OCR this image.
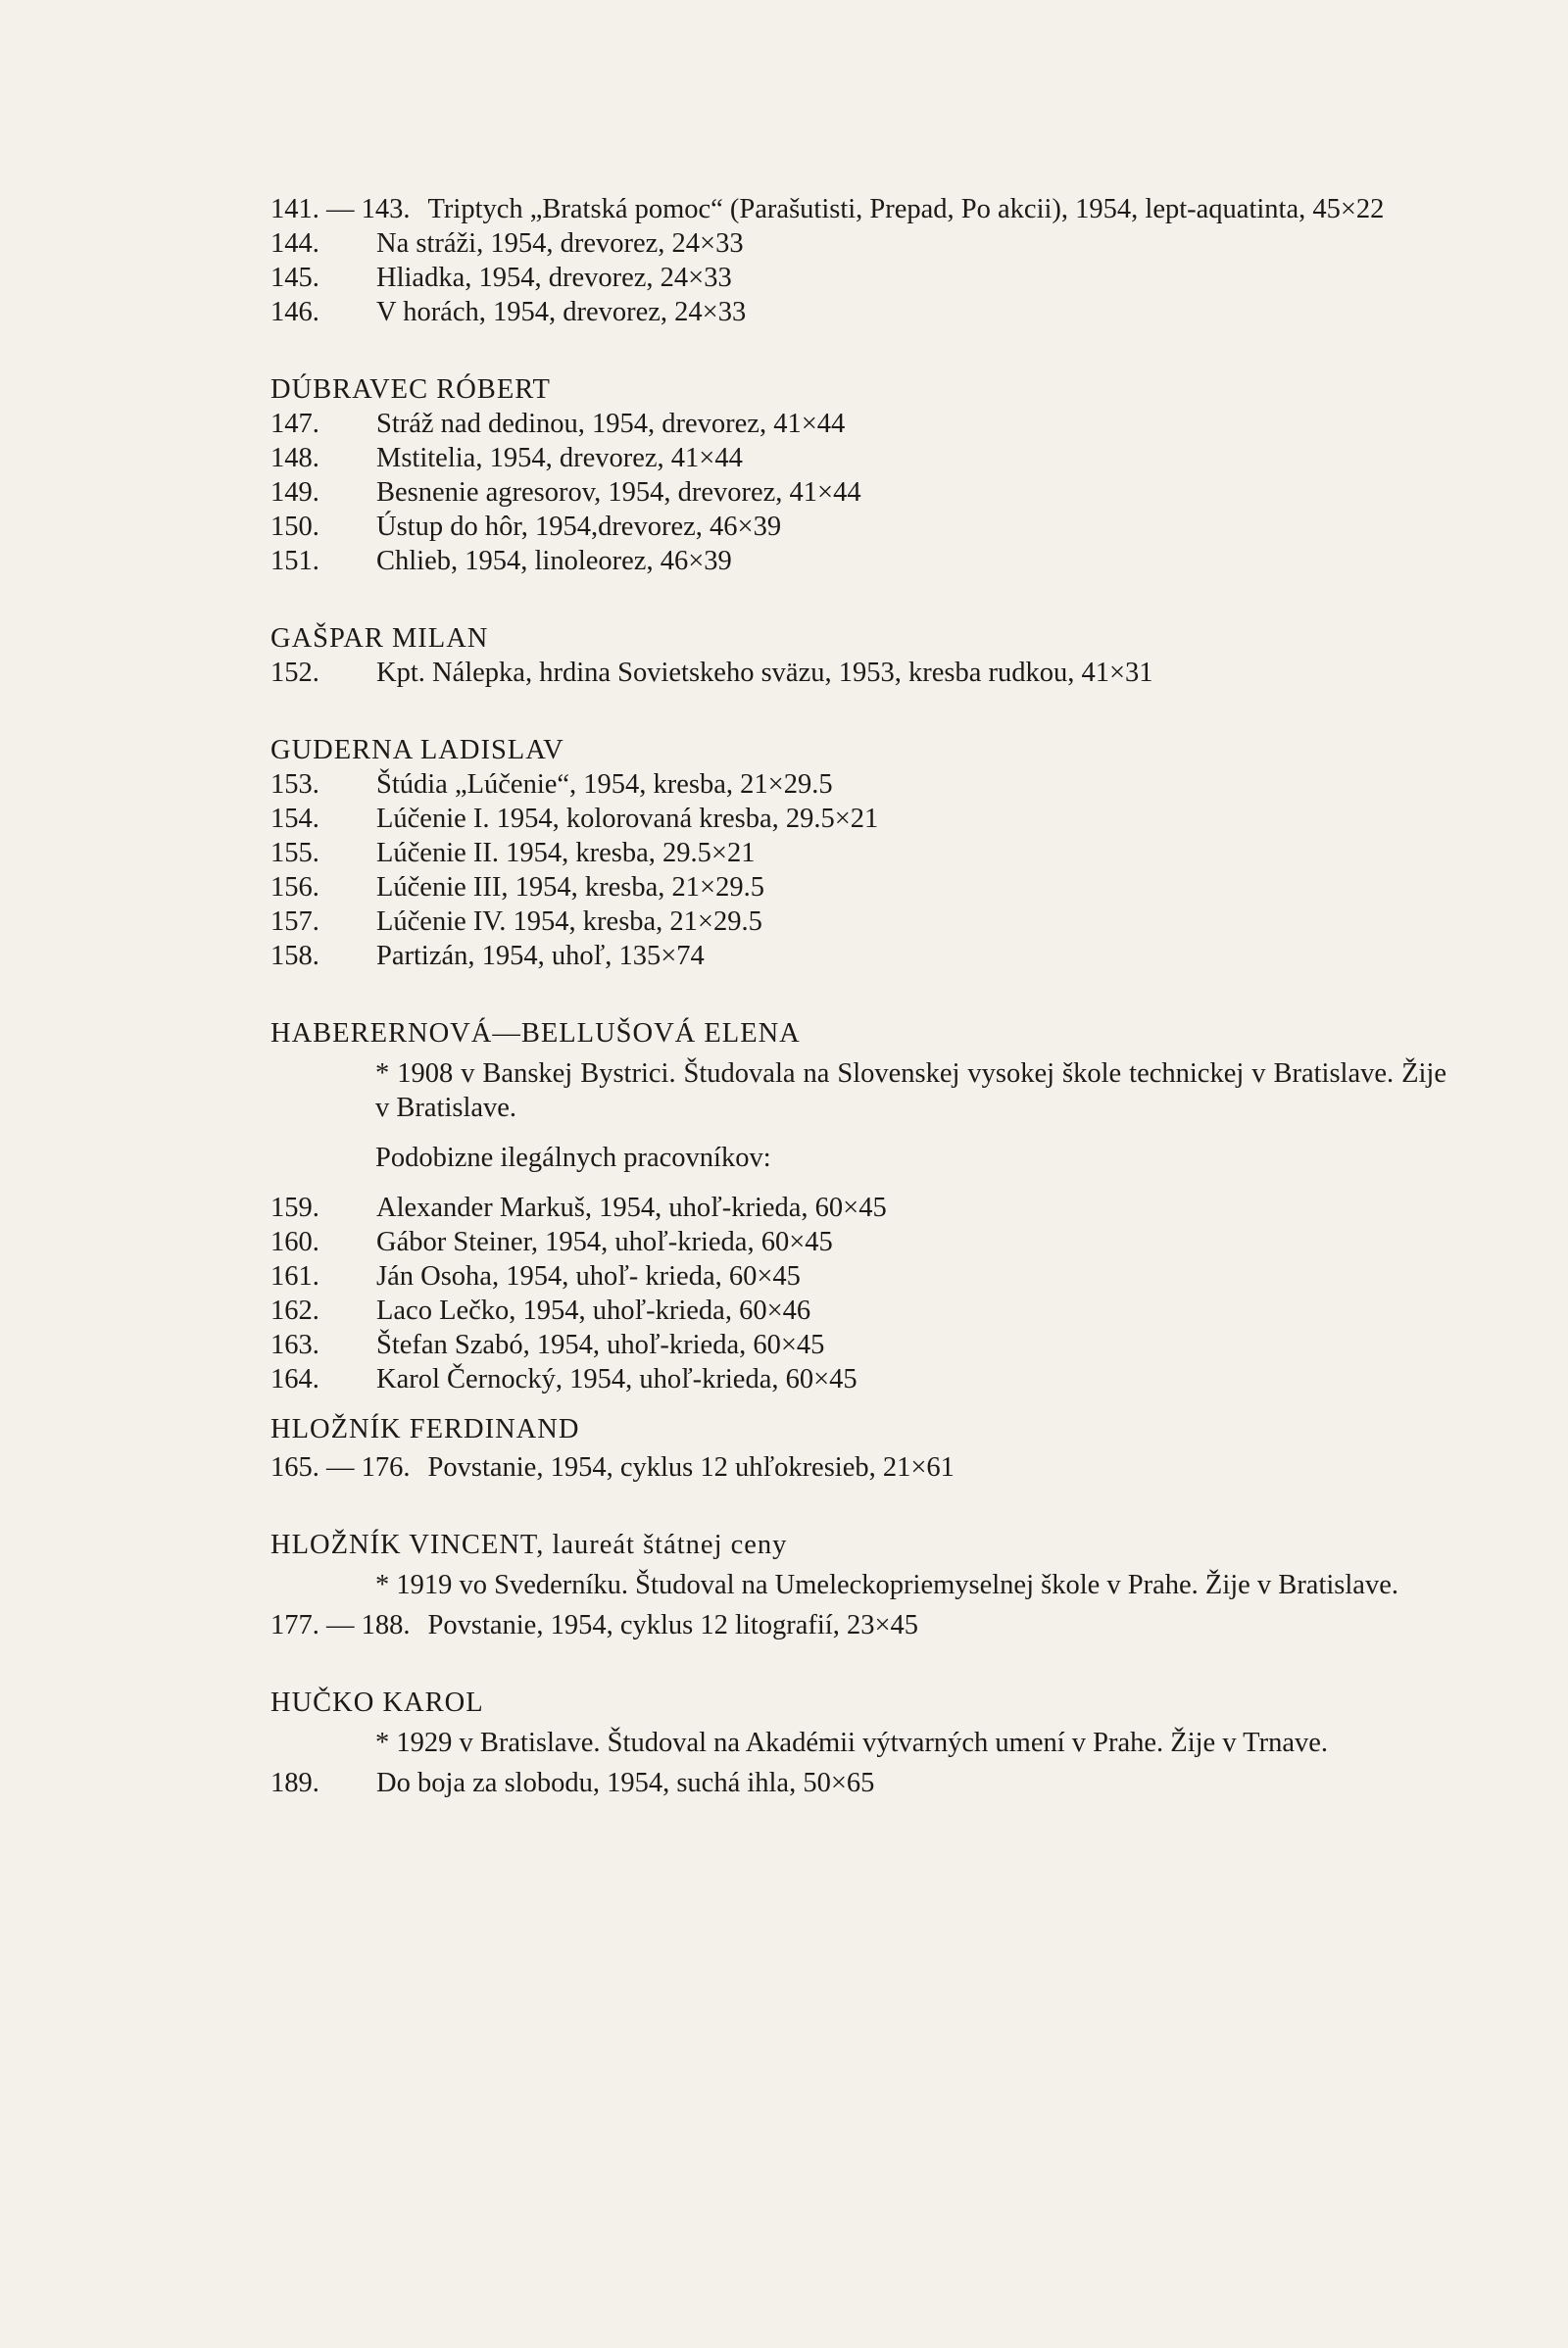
141. — 143. Triptych „Bratská pomoc“ (Parašutisti, Prepad, Po akcii), 1954, lept-aquatinta, 45×22
144.	Na stráži, 1954, drevorez, 24×33
145.	Hliadka, 1954, drevorez, 24×33
146.	V horách, 1954, drevorez, 24×33
DÚBRAVEC RÓBERT
147.	Stráž nad dedinou, 1954, drevorez, 41×44
148.	Mstitelia, 1954, drevorez, 41×44
149.	Besnenie agresorov, 1954, drevorez, 41×44
150.	Ústup do hôr, 1954,drevorez, 46×39
151.	Chlieb, 1954, linoleorez, 46×39
GAŠPAR MILAN
152.	Kpt. Nálepka, hrdina Sovietskeho sväzu, 1953, kresba rudkou, 41×31
GUDERNA LADISLAV
153.	Štúdia „Lúčenie“, 1954, kresba, 21×29.5
154.	Lúčenie I. 1954, kolorovaná kresba, 29.5×21
155.	Lúčenie II. 1954, kresba, 29.5×21
156.	Lúčenie III, 1954, kresba, 21×29.5
157.	Lúčenie IV. 1954, kresba, 21×29.5
158.	Partizán, 1954, uhoľ, 135×74
HABERERNOVÁ—BELLUŠOVÁ ELENA
* 1908 v Banskej Bystrici. Študovala na Slovenskej vysokej škole technickej v Bratislave. Žije v Bratislave.
Podobizne ilegálnych pracovníkov:
159.	Alexander Markuš, 1954, uhoľ-krieda, 60×45
160.	Gábor Steiner, 1954, uhoľ-krieda, 60×45
161.	Ján Osoha, 1954, uhoľ- krieda, 60×45
162.	Laco Lečko, 1954, uhoľ-krieda, 60×46
163.	Štefan Szabó, 1954, uhoľ-krieda, 60×45
164.	Karol Černocký, 1954, uhoľ-krieda, 60×45
HLOŽNÍK FERDINAND
165. — 176. Povstanie, 1954, cyklus 12 uhľokresieb, 21×61
HLOŽNÍK VINCENT, laureát štátnej ceny
* 1919 vo Svederníku. Študoval na Umeleckopriemyselnej škole v Prahe. Žije v Bratislave.
177. — 188. Povstanie, 1954, cyklus 12 litografií, 23×45
HUČKO KAROL
* 1929 v Bratislave. Študoval na Akadémii výtvarných umení v Prahe. Žije v Trnave.
189.	Do boja za slobodu, 1954, suchá ihla, 50×65
